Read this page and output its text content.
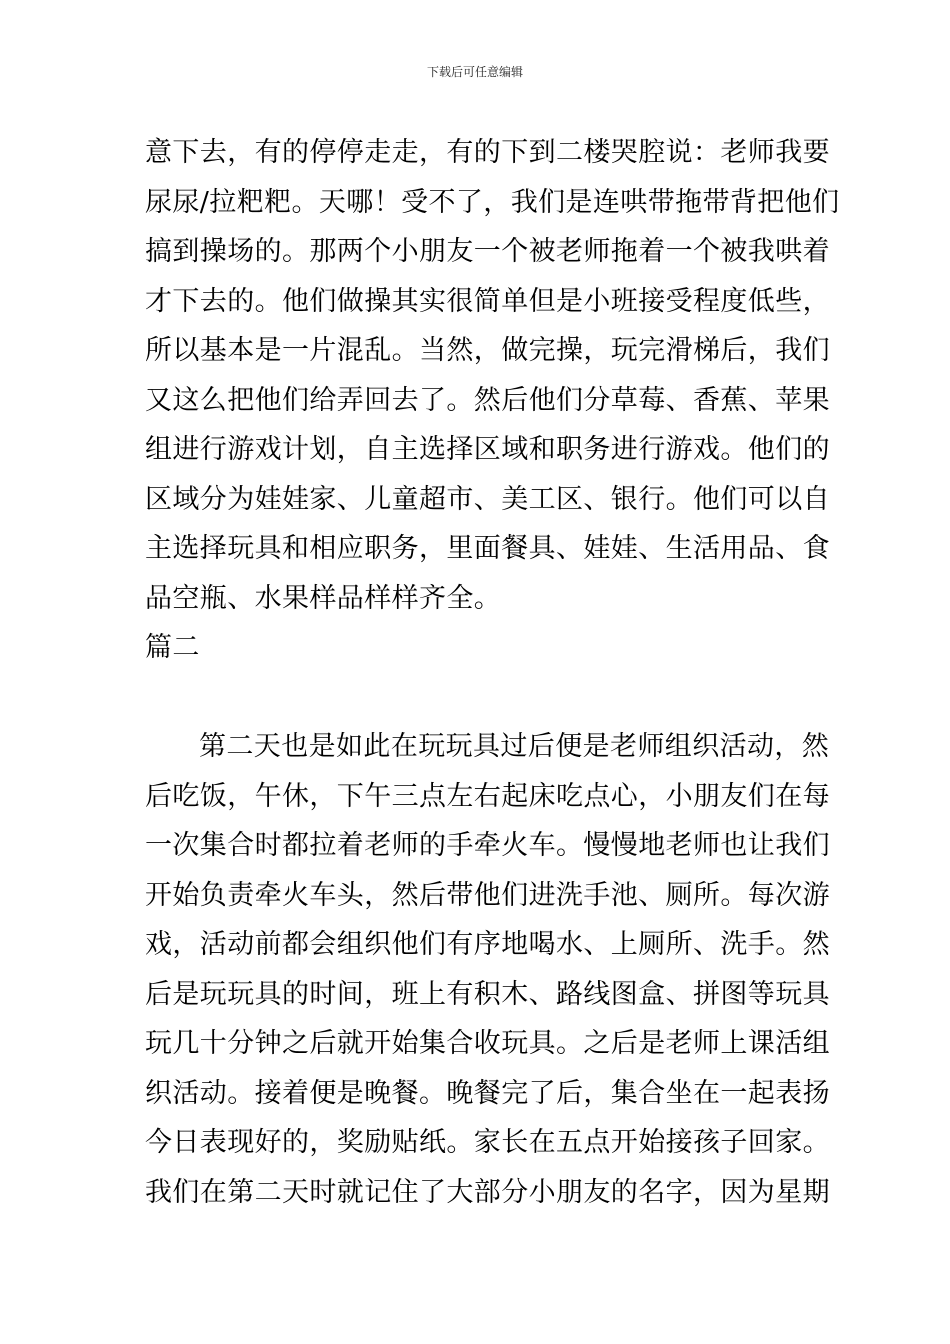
下载后可任意编辑
意下去，有的停停走走，有的下到二楼哭腔说：老师我要
尿尿/拉粑粑。天哪！受不了，我们是连哄带拖带背把他们
搞到操场的。那两个小朋友一个被老师拖着一个被我哄着
才下去的。他们做操其实很简单但是小班接受程度低些，
所以基本是一片混乱。当然，做完操，玩完滑梯后，我们
又这么把他们给弄回去了。然后他们分草莓、香蕉、苹果
组进行游戏计划，自主选择区域和职务进行游戏。他们的
区域分为娃娃家、儿童超市、美工区、银行。他们可以自
主选择玩具和相应职务，里面餐具、娃娃、生活用品、食
品空瓶、水果样品样样齐全。
篇二
第二天也是如此在玩玩具过后便是老师组织活动，然
后吃饭，午休，下午三点左右起床吃点心，小朋友们在每
一次集合时都拉着老师的手牵火车。慢慢地老师也让我们
开始负责牵火车头，然后带他们进洗手池、厕所。每次游
戏，活动前都会组织他们有序地喝水、上厕所、洗手。然
后是玩玩具的时间，班上有积木、路线图盒、拼图等玩具
玩几十分钟之后就开始集合收玩具。之后是老师上课活组
织活动。接着便是晚餐。晚餐完了后，集合坐在一起表扬
今日表现好的，奖励贴纸。家长在五点开始接孩子回家。
我们在第二天时就记住了大部分小朋友的名字，因为星期
